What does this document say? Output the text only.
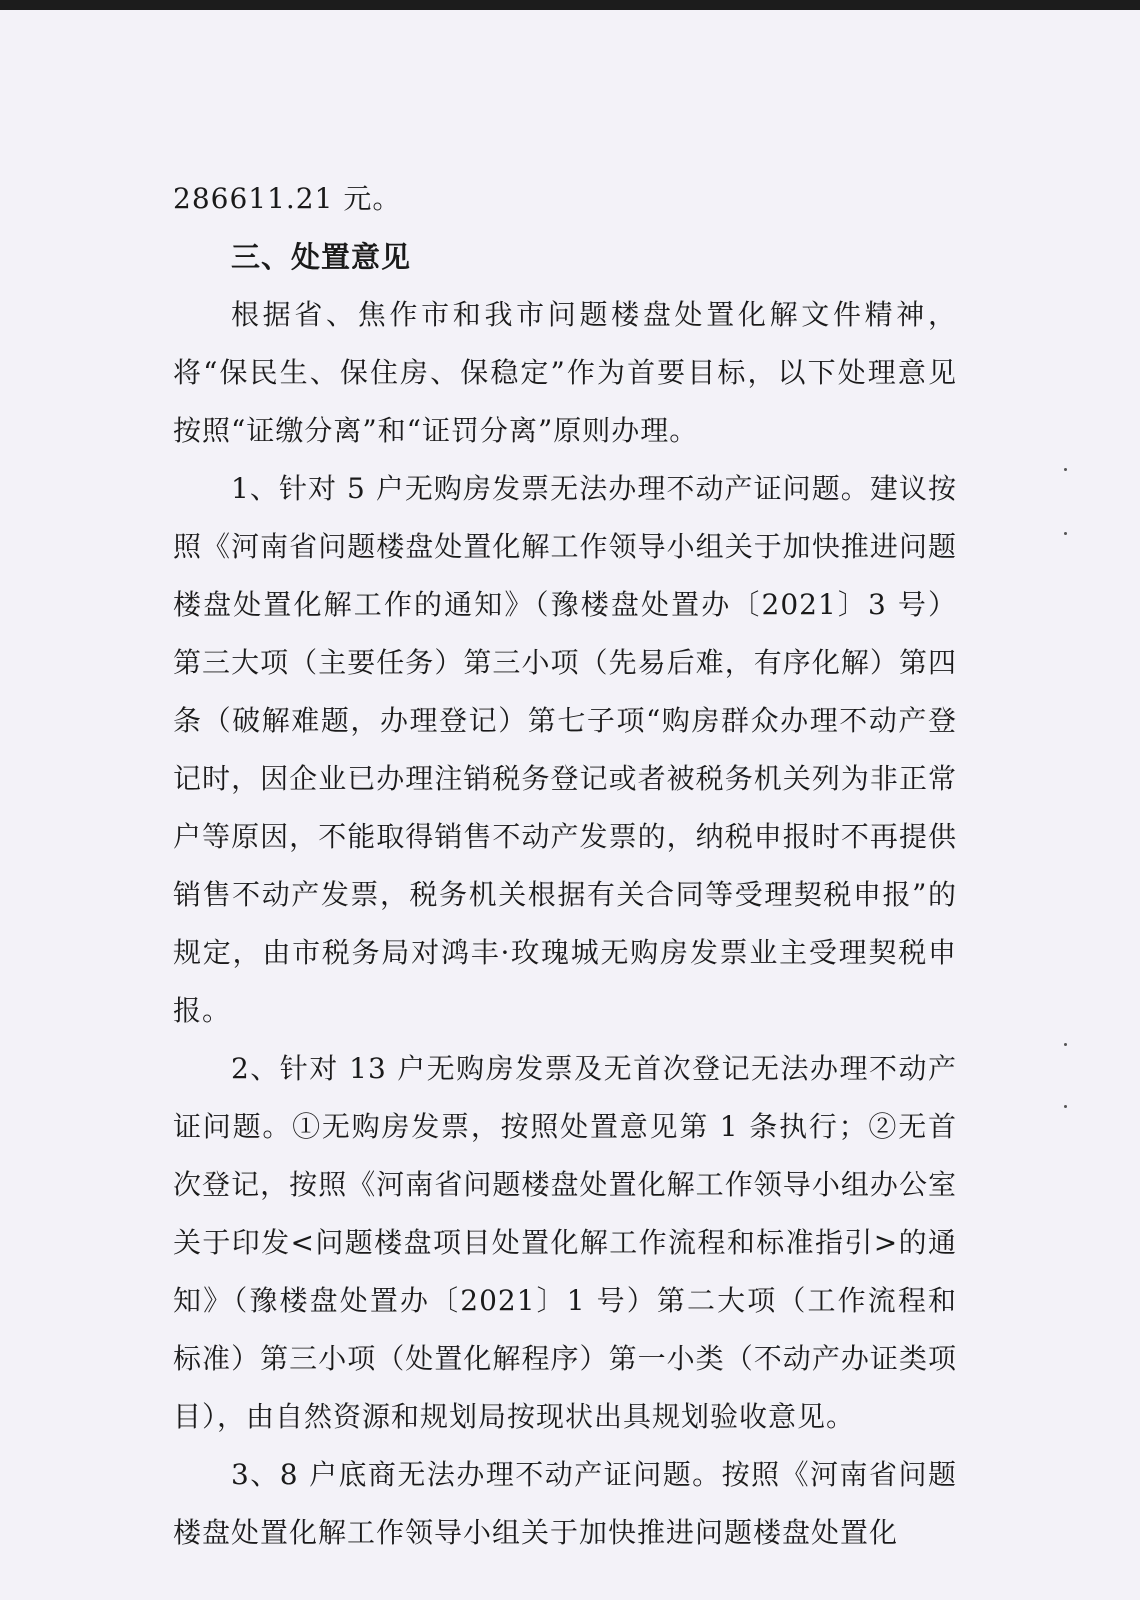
286611.21 元。

三、处置意见

根据省、焦作市和我市问题楼盘处置化解文件精神，将“保民生、保住房、保稳定”作为首要目标，以下处理意见按照“证缴分离”和“证罚分离”原则办理。

1、针对 5 户无购房发票无法办理不动产证问题。建议按照《河南省问题楼盘处置化解工作领导小组关于加快推进问题楼盘处置化解工作的通知》（豫楼盘处置办〔2021〕3 号）第三大项（主要任务）第三小项（先易后难，有序化解）第四条（破解难题，办理登记）第七子项“购房群众办理不动产登记时，因企业已办理注销税务登记或者被税务机关列为非正常户等原因，不能取得销售不动产发票的，纳税申报时不再提供销售不动产发票，税务机关根据有关合同等受理契税申报”的规定，由市税务局对鸿丰·玫瑰城无购房发票业主受理契税申报。

2、针对 13 户无购房发票及无首次登记无法办理不动产证问题。①无购房发票，按照处置意见第 1 条执行；②无首次登记，按照《河南省问题楼盘处置化解工作领导小组办公室关于印发<问题楼盘项目处置化解工作流程和标准指引>的通知》（豫楼盘处置办〔2021〕1 号）第二大项（工作流程和标准）第三小项（处置化解程序）第一小类（不动产办证类项目），由自然资源和规划局按现状出具规划验收意见。

3、8 户底商无法办理不动产证问题。按照《河南省问题楼盘处置化解工作领导小组关于加快推进问题楼盘处置化
